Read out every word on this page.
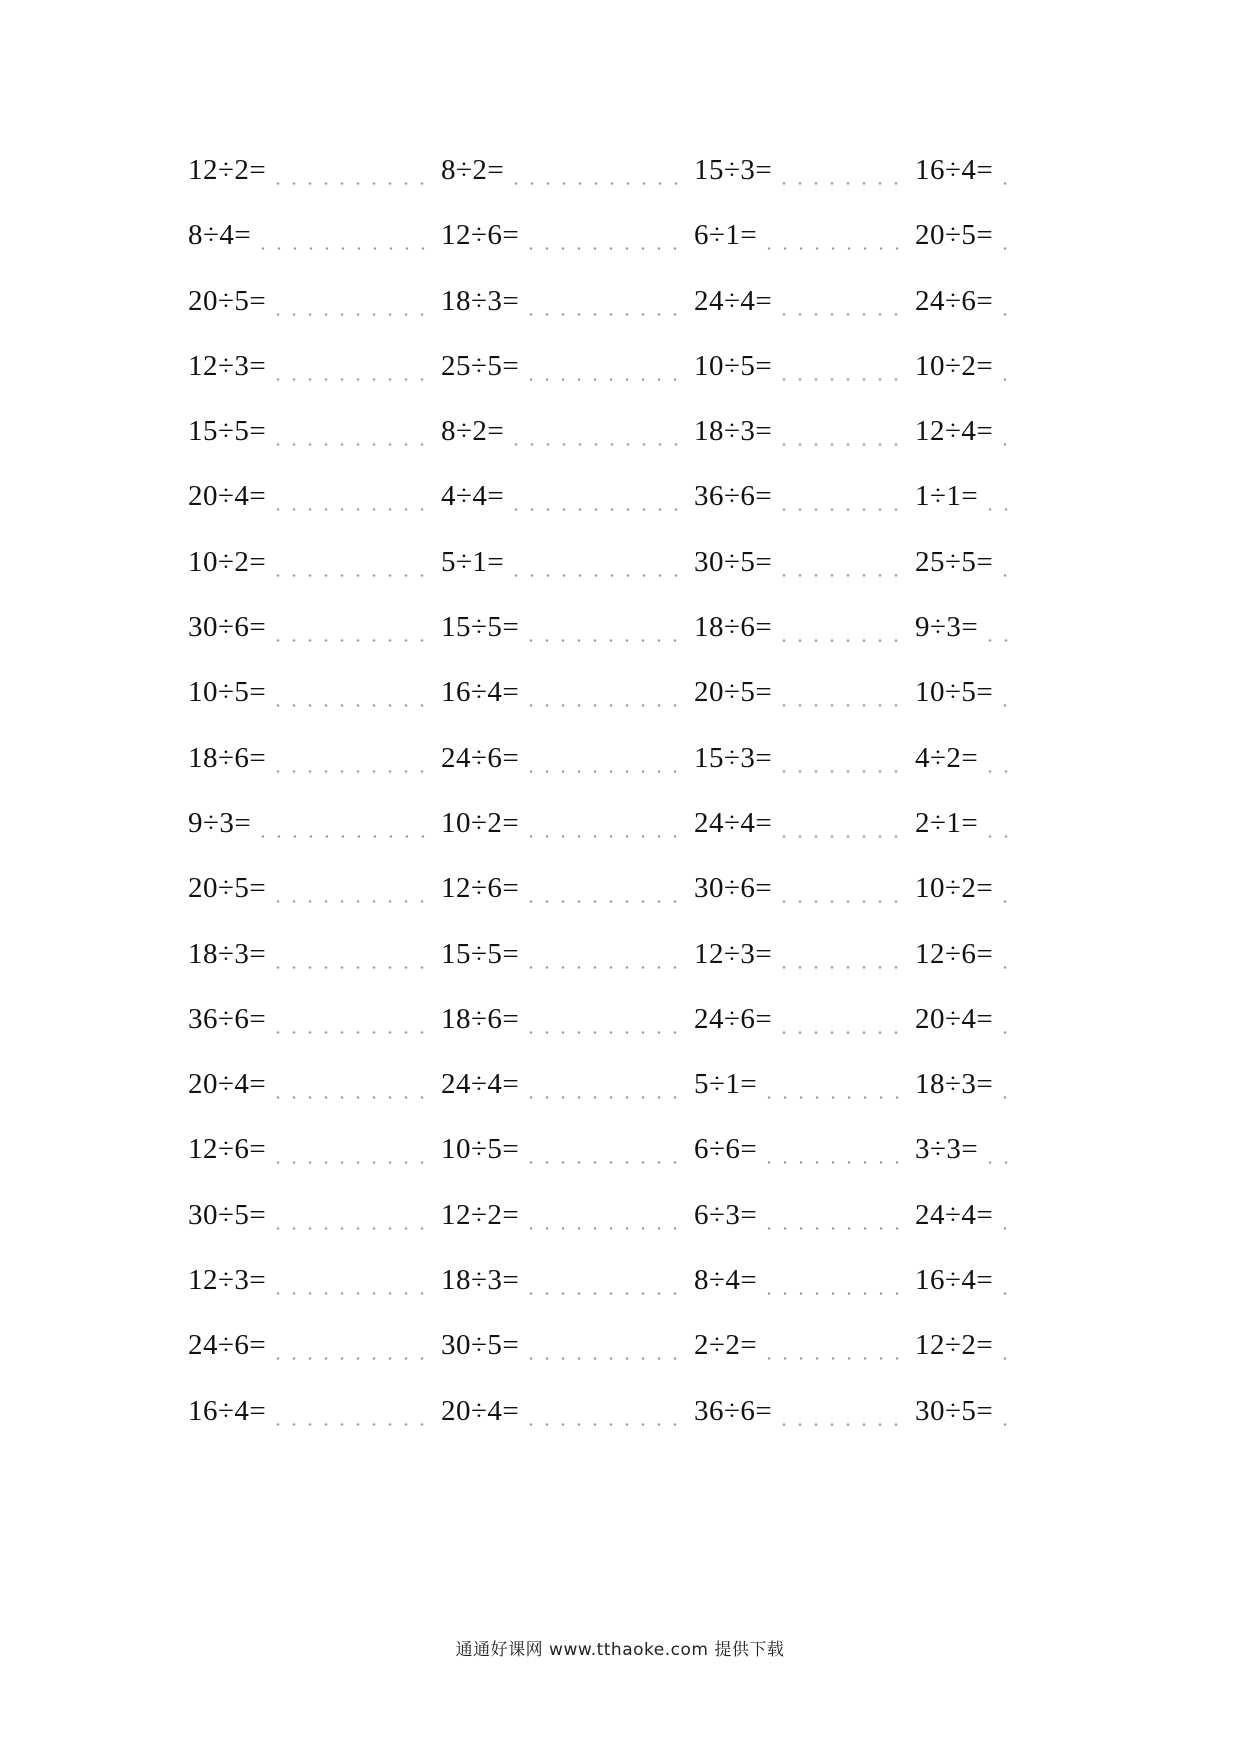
12÷2=	8÷2=	15÷3=	16÷4=
8÷4=	12÷6=	6÷1=	20÷5=
20÷5=	18÷3=	24÷4=	24÷6=
12÷3=	25÷5=	10÷5=	10÷2=
15÷5=	8÷2=	18÷3=	12÷4=
20÷4=	4÷4=	36÷6=	1÷1=
10÷2=	5÷1=	30÷5=	25÷5=
30÷6=	15÷5=	18÷6=	9÷3=
10÷5=	16÷4=	20÷5=	10÷5=
18÷6=	24÷6=	15÷3=	4÷2=
9÷3=	10÷2=	24÷4=	2÷1=
20÷5=	12÷6=	30÷6=	10÷2=
18÷3=	15÷5=	12÷3=	12÷6=
36÷6=	18÷6=	24÷6=	20÷4=
20÷4=	24÷4=	5÷1=	18÷3=
12÷6=	10÷5=	6÷6=	3÷3=
30÷5=	12÷2=	6÷3=	24÷4=
12÷3=	18÷3=	8÷4=	16÷4=
24÷6=	30÷5=	2÷2=	12÷2=
16÷4=	20÷4=	36÷6=	30÷5=
通通好课网 www.tthaoke.com 提供下载
